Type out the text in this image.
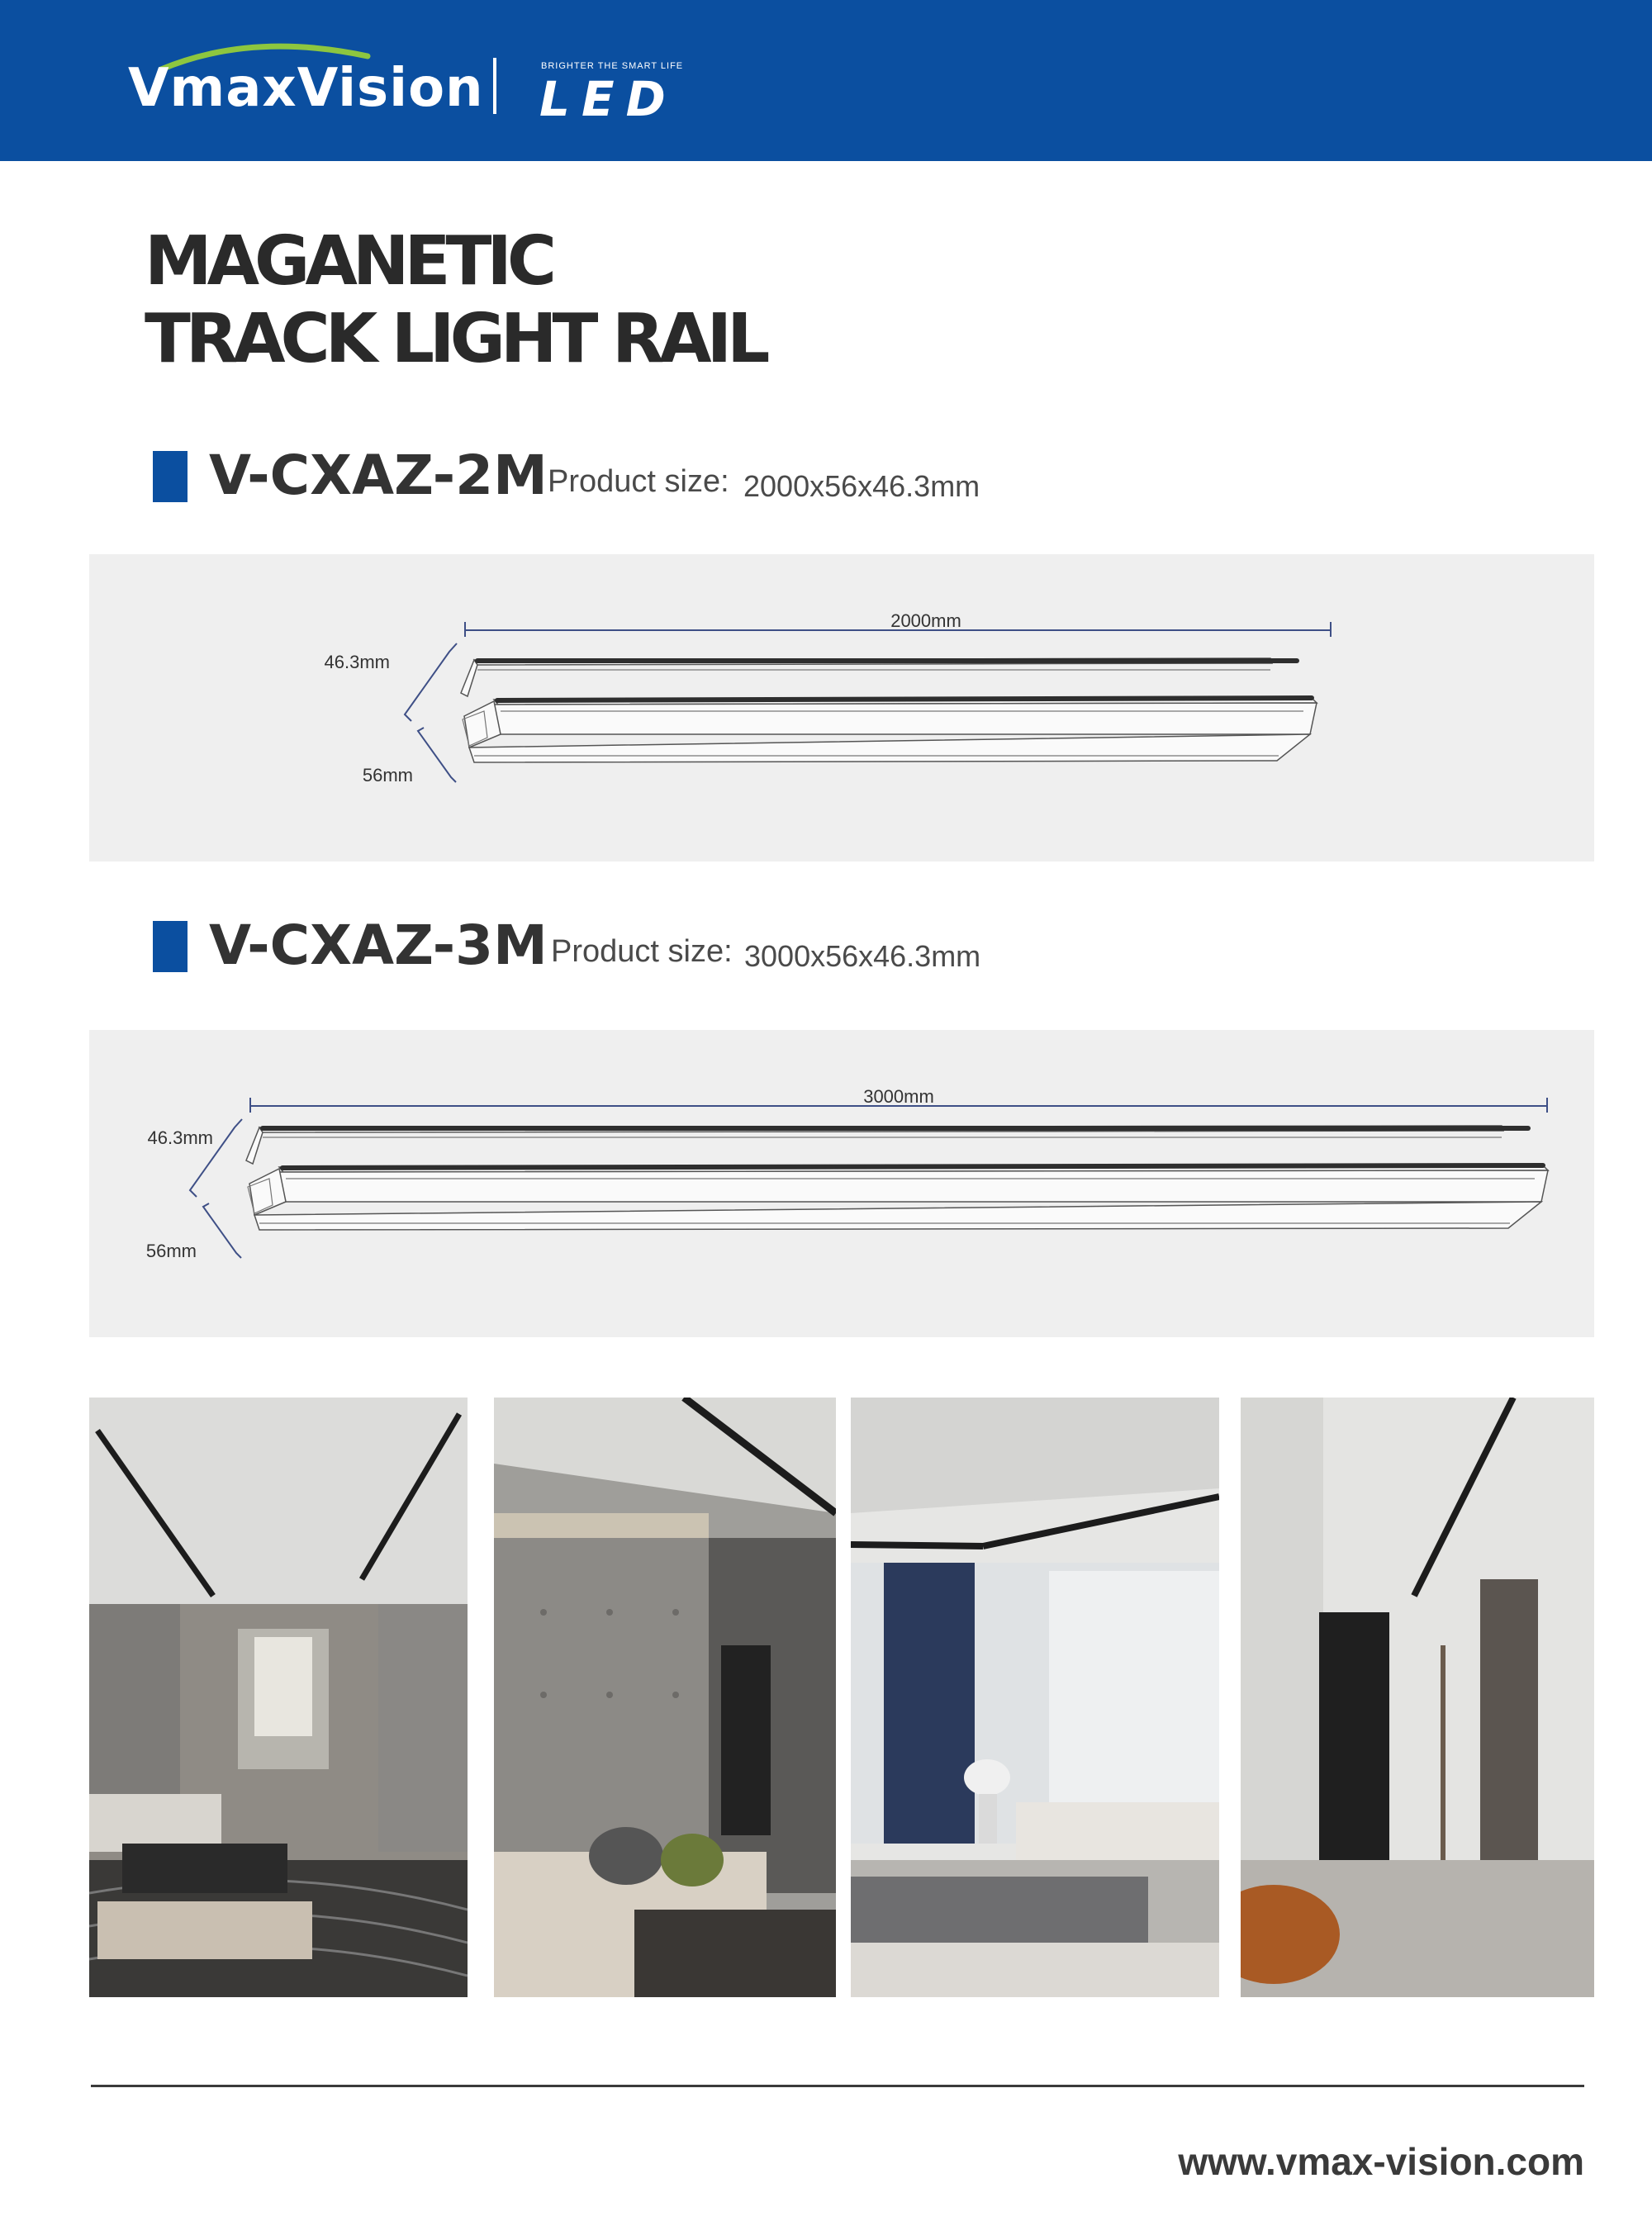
VmaxVision	BRIGHTER THE SMART LIFE
LED
MAGANETIC
TRACK LIGHT RAIL
V-CXAZ-2M Product size: 2000x56x46.3mm
2000mm
46.3mm
56mm
V-CXAZ-3M Product size: 3000x56x46.3mm
3000mm
46.3mm
56mm
www.vmax-vision.com
